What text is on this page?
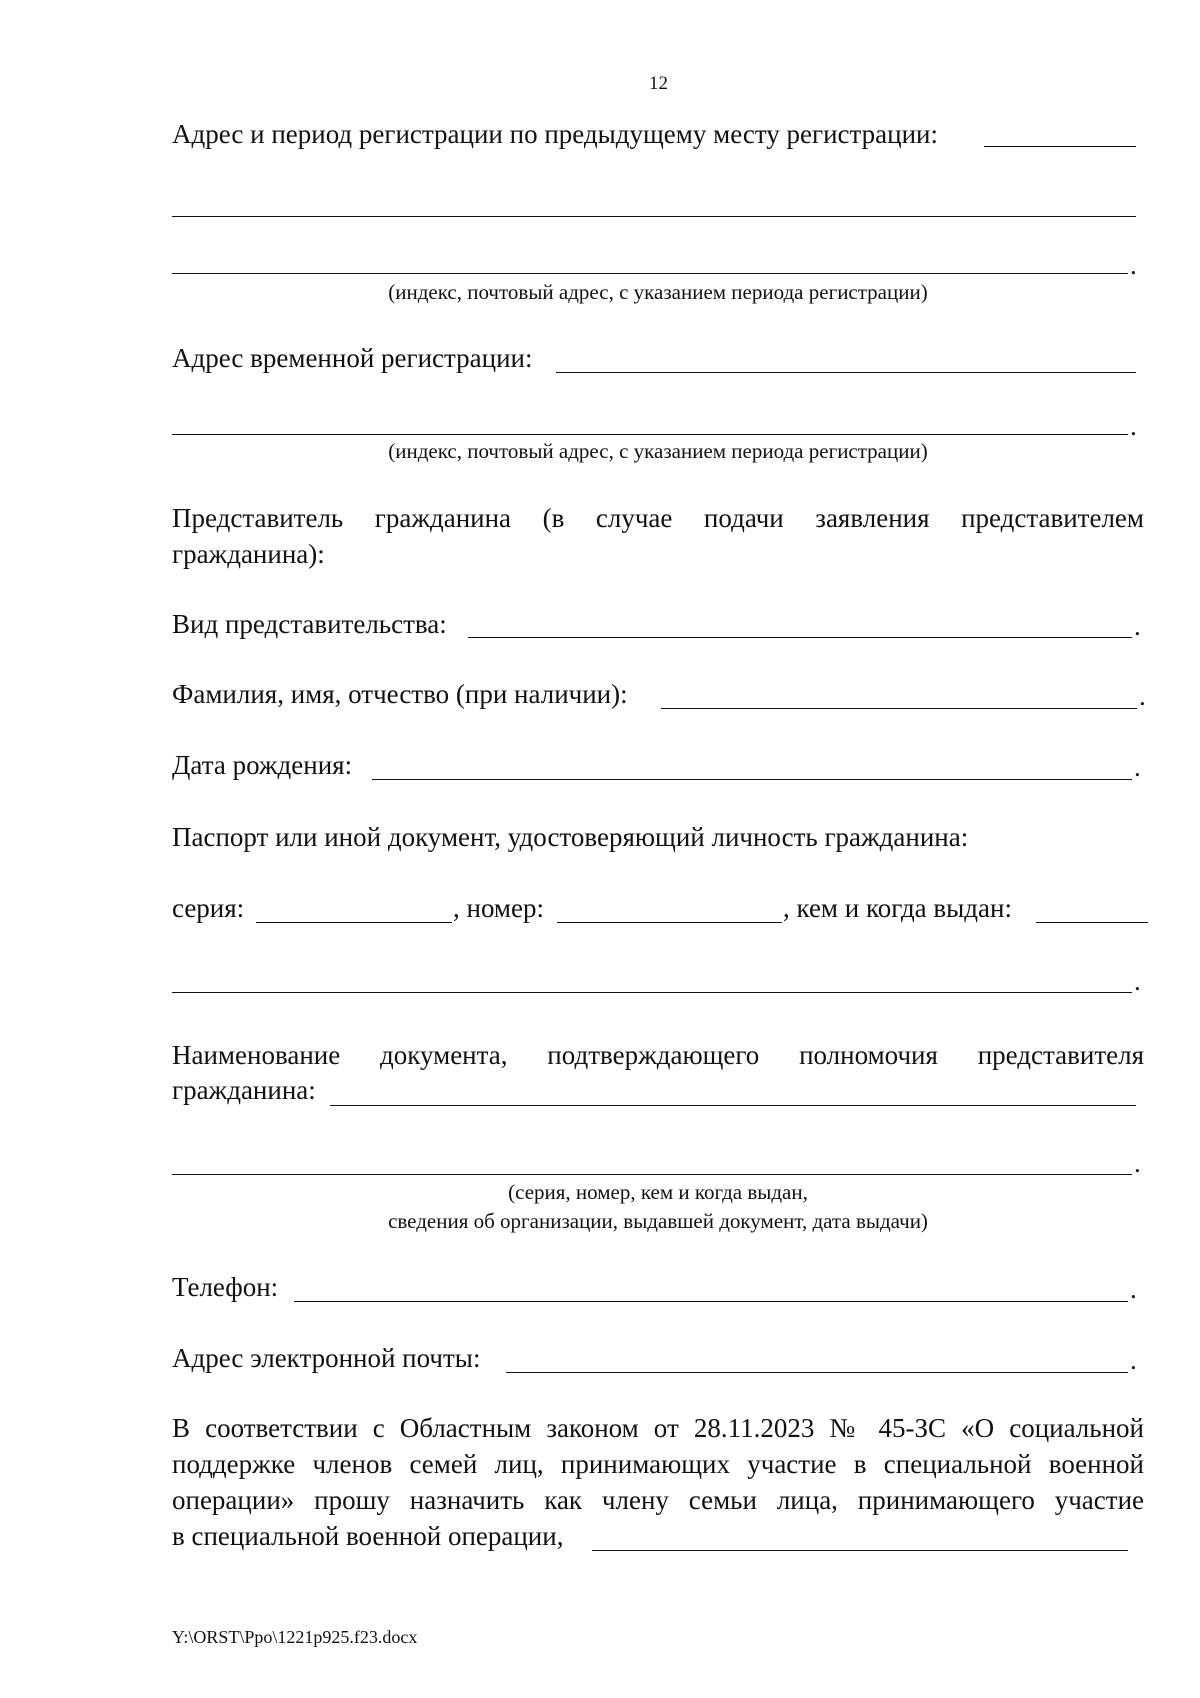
12
Адрес и период регистрации по предыдущему месту регистрации:
.
(индекс, почтовый адрес, с указанием периода регистрации)
Адрес временной регистрации:
.
(индекс, почтовый адрес, с указанием периода регистрации)
Представитель гражданина (в случае подачи заявления представителем
гражданина):
Вид представительства:	.
Фамилия, имя, отчество (при наличии):	.
Дата рождения:	.
Паспорт или иной документ, удостоверяющий личность гражданина:
серия:	, номер:	, кем и когда выдан:
.
Наименование документа, подтверждающего полномочия представителя
гражданина:
.
(серия, номер, кем и когда выдан,
сведения об организации, выдавшей документ, дата выдачи)
Телефон:	.
Адрес электронной почты:	.
В соответствии с Областным законом от 28.11.2023 № 45-ЗС «О социальной
поддержке членов семей лиц, принимающих участие в специальной военной
операции» прошу назначить как члену семьи лица, принимающего участие
в специальной военной операции,
Y:\ORST\Ppo\1221p925.f23.docx
